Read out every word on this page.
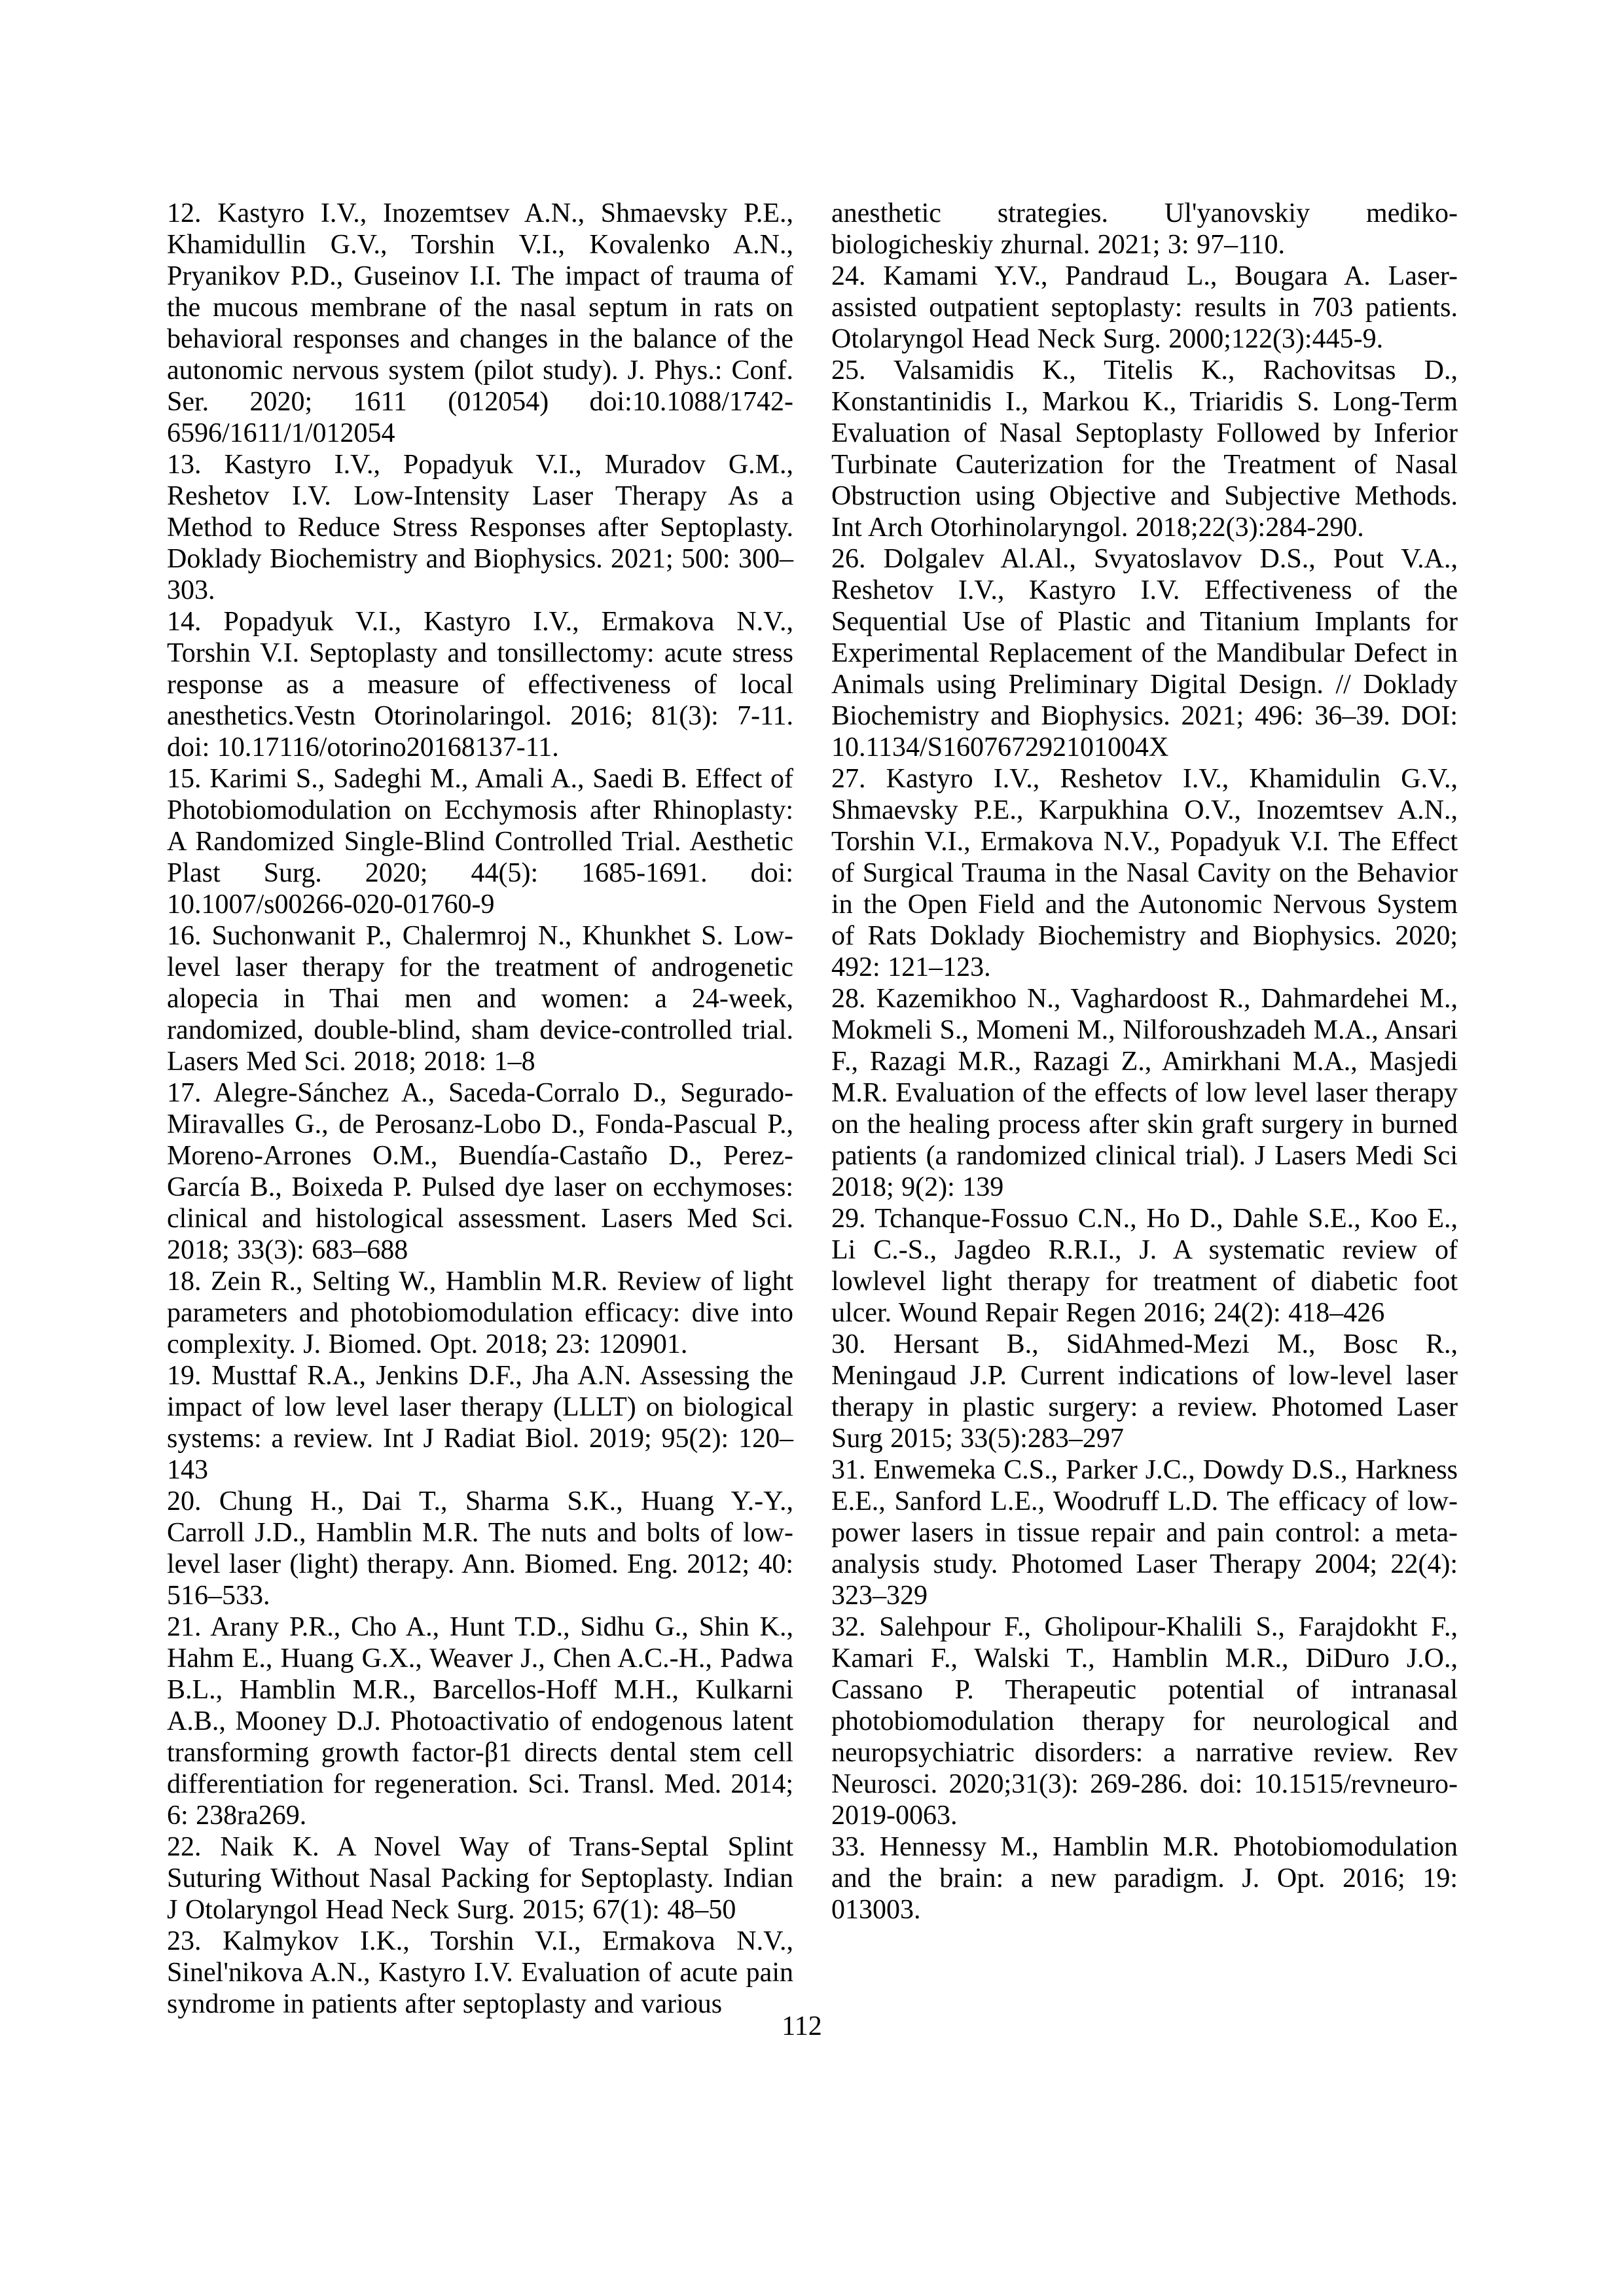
12. Kastyro I.V., Inozemtsev A.N., Shmaevsky P.E., Khamidullin G.V., Torshin V.I., Kovalenko A.N., Pryanikov P.D., Guseinov I.I. The impact of trauma of the mucous membrane of the nasal septum in rats on behavioral responses and changes in the balance of the autonomic nervous system (pilot study). J. Phys.: Conf. Ser. 2020; 1611 (012054) doi:10.1088/1742-6596/1611/1/012054

13. Kastyro I.V., Popadyuk V.I., Muradov G.M., Reshetov I.V. Low-Intensity Laser Therapy As a Method to Reduce Stress Responses after Septoplasty. Doklady Biochemistry and Biophysics. 2021; 500: 300–303.

14. Popadyuk V.I., Kastyro I.V., Ermakova N.V., Torshin V.I. Septoplasty and tonsillectomy: acute stress response as a measure of effectiveness of local anesthetics.Vestn Otorinolaringol. 2016; 81(3): 7-11. doi: 10.17116/otorino20168137-11.

15. Karimi S., Sadeghi M., Amali A., Saedi B. Effect of Photobiomodulation on Ecchymosis after Rhinoplasty: A Randomized Single-Blind Controlled Trial. Aesthetic Plast Surg. 2020; 44(5): 1685-1691. doi: 10.1007/s00266-020-01760-9

16. Suchonwanit P., Chalermroj N., Khunkhet S. Low-level laser therapy for the treatment of androgenetic alopecia in Thai men and women: a 24-week, randomized, double-blind, sham device-controlled trial. Lasers Med Sci. 2018; 2018: 1–8

17. Alegre-Sánchez A., Saceda-Corralo D., Segurado-Miravalles G., de Perosanz-Lobo D., Fonda-Pascual P., Moreno-Arrones O.M., Buendía-Castaño D., Perez-García B., Boixeda P. Pulsed dye laser on ecchymoses: clinical and histological assessment. Lasers Med Sci. 2018; 33(3): 683–688

18. Zein R., Selting W., Hamblin M.R. Review of light parameters and photobiomodulation efficacy: dive into complexity. J. Biomed. Opt. 2018; 23: 120901.

19. Musttaf R.A., Jenkins D.F., Jha A.N. Assessing the impact of low level laser therapy (LLLT) on biological systems: a review. Int J Radiat Biol. 2019; 95(2): 120–143

20. Chung H., Dai T., Sharma S.K., Huang Y.-Y., Carroll J.D., Hamblin M.R. The nuts and bolts of low-level laser (light) therapy. Ann. Biomed. Eng. 2012; 40: 516–533.

21. Arany P.R., Cho A., Hunt T.D., Sidhu G., Shin K., Hahm E., Huang G.X., Weaver J., Chen A.C.-H., Padwa B.L., Hamblin M.R., Barcellos-Hoff M.H., Kulkarni A.B., Mooney D.J. Photoactivatio of endogenous latent transforming growth factor-β1 directs dental stem cell differentiation for regeneration. Sci. Transl. Med. 2014; 6: 238ra269.

22. Naik K. A Novel Way of Trans-Septal Splint Suturing Without Nasal Packing for Septoplasty. Indian J Otolaryngol Head Neck Surg. 2015; 67(1): 48–50

23. Kalmykov I.K., Torshin V.I., Ermakova N.V., Sinel'nikova A.N., Kastyro I.V. Evaluation of acute pain syndrome in patients after septoplasty and various

anesthetic strategies. Ul'yanovskiy mediko-biologicheskiy zhurnal. 2021; 3: 97–110.

24. Kamami Y.V., Pandraud L., Bougara A. Laser-assisted outpatient septoplasty: results in 703 patients. Otolaryngol Head Neck Surg. 2000;122(3):445-9.

25. Valsamidis K., Titelis K., Rachovitsas D., Konstantinidis I., Markou K., Triaridis S. Long-Term Evaluation of Nasal Septoplasty Followed by Inferior Turbinate Cauterization for the Treatment of Nasal Obstruction using Objective and Subjective Methods. Int Arch Otorhinolaryngol. 2018;22(3):284-290.

26. Dolgalev Al.Al., Svyatoslavov D.S., Pout V.A., Reshetov I.V., Kastyro I.V. Effectiveness of the Sequential Use of Plastic and Titanium Implants for Experimental Replacement of the Mandibular Defect in Animals using Preliminary Digital Design. // Doklady Biochemistry and Biophysics. 2021; 496: 36–39. DOI: 10.1134/S160767292101004X

27. Kastyro I.V., Reshetov I.V., Khamidulin G.V., Shmaevsky P.E., Karpukhina O.V., Inozemtsev A.N., Torshin V.I., Ermakova N.V., Popadyuk V.I. The Effect of Surgical Trauma in the Nasal Cavity on the Behavior in the Open Field and the Autonomic Nervous System of Rats Doklady Biochemistry and Biophysics. 2020; 492: 121–123.

28. Kazemikhoo N., Vaghardoost R., Dahmardehei M., Mokmeli S., Momeni M., Nilforoushzadeh M.A., Ansari F., Razagi M.R., Razagi Z., Amirkhani M.A., Masjedi M.R. Evaluation of the effects of low level laser therapy on the healing process after skin graft surgery in burned patients (a randomized clinical trial). J Lasers Medi Sci 2018; 9(2): 139

29. Tchanque-Fossuo C.N., Ho D., Dahle S.E., Koo E., Li C.-S., Jagdeo R.R.I., J. A systematic review of lowlevel light therapy for treatment of diabetic foot ulcer. Wound Repair Regen 2016; 24(2): 418–426

30. Hersant B., SidAhmed-Mezi M., Bosc R., Meningaud J.P. Current indications of low-level laser therapy in plastic surgery: a review. Photomed Laser Surg 2015; 33(5):283–297

31. Enwemeka C.S., Parker J.C., Dowdy D.S., Harkness E.E., Sanford L.E., Woodruff L.D. The efficacy of low-power lasers in tissue repair and pain control: a meta-analysis study. Photomed Laser Therapy 2004; 22(4): 323–329

32. Salehpour F., Gholipour-Khalili S., Farajdokht F., Kamari F., Walski T., Hamblin M.R., DiDuro J.O., Cassano P. Therapeutic potential of intranasal photobiomodulation therapy for neurological and neuropsychiatric disorders: a narrative review. Rev Neurosci. 2020;31(3): 269-286. doi: 10.1515/revneuro-2019-0063.

33. Hennessy M., Hamblin M.R. Photobiomodulation and the brain: a new paradigm. J. Opt. 2016; 19: 013003.

112
